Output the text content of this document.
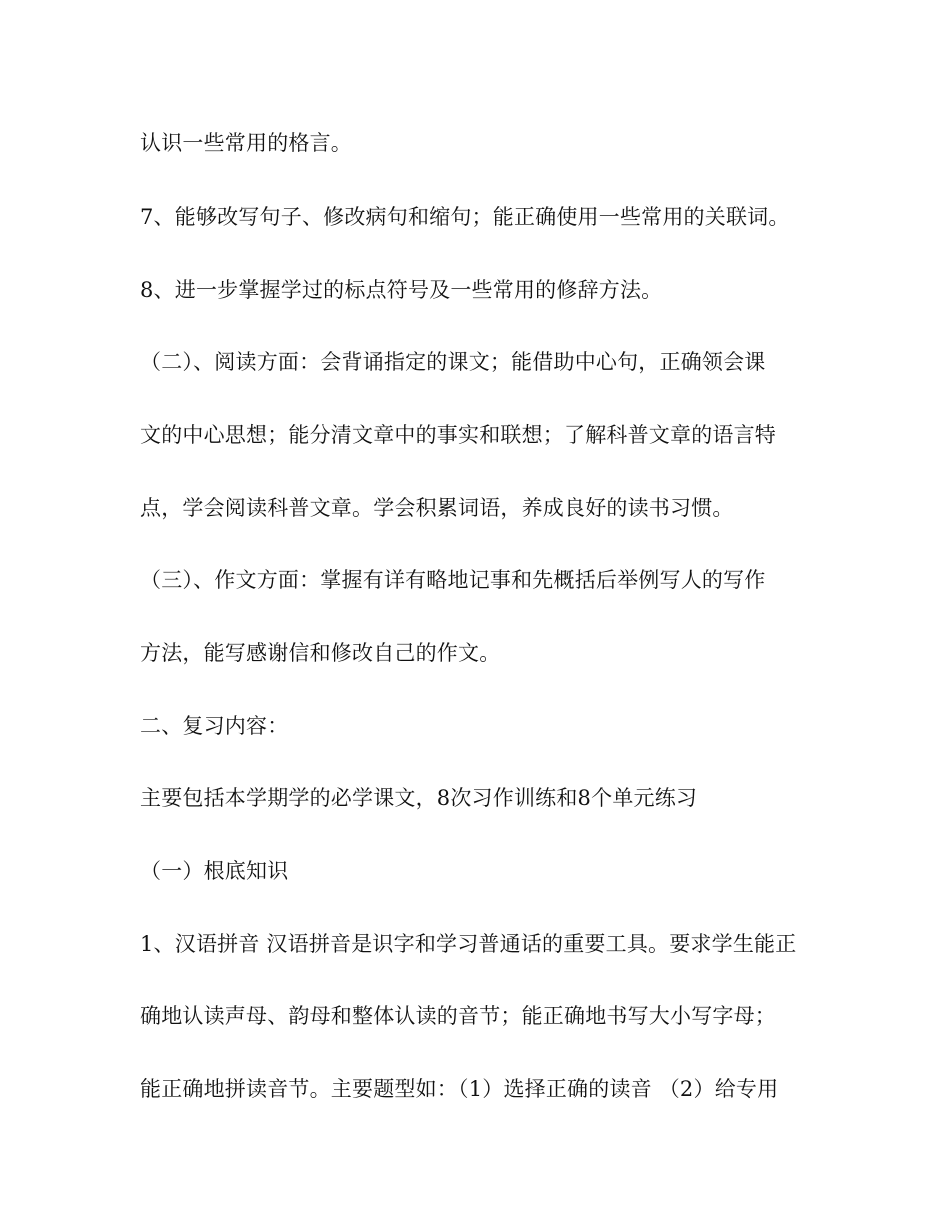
认识一些常用的格言。
7、能够改写句子、修改病句和缩句；能正确使用一些常用的关联词。
8、进一步掌握学过的标点符号及一些常用的修辞方法。
（二）、阅读方面：会背诵指定的课文；能借助中心句，正确领会课
文的中心思想；能分清文章中的事实和联想；了解科普文章的语言特
点，学会阅读科普文章。学会积累词语，养成良好的读书习惯。
（三）、作文方面：掌握有详有略地记事和先概括后举例写人的写作
方法，能写感谢信和修改自己的作文。
二、复习内容：
主要包括本学期学的必学课文，8次习作训练和8个单元练习
（一）根底知识
1、汉语拼音 汉语拼音是识字和学习普通话的重要工具。要求学生能正
确地认读声母、韵母和整体认读的音节；能正确地书写大小写字母；
能正确地拼读音节。主要题型如：（1）选择正确的读音 （2）给专用
